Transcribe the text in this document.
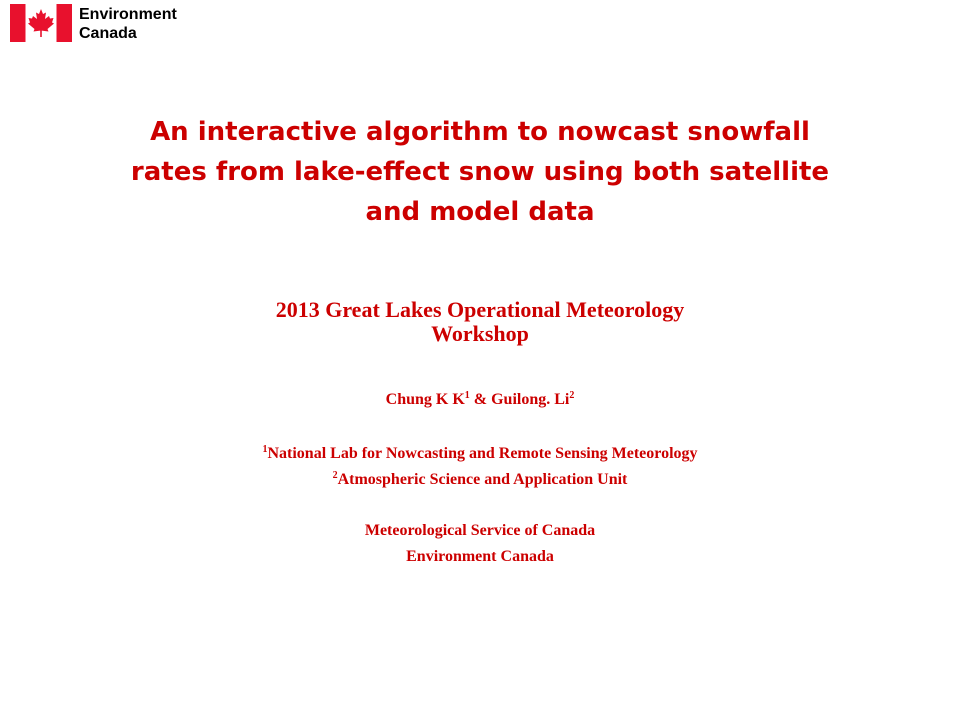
Environment
Canada
An interactive algorithm to nowcast snowfall
rates from lake-effect snow using both satellite
and model data
2013 Great Lakes Operational Meteorology
Workshop
Chung K $K^1$ & Guilong. Li$^2$
$^1$National Lab for Nowcasting and Remote Sensing Meteorology
$^2$Atmospheric Science and Application Unit
Meteorological Service of Canada
Environment Canada
